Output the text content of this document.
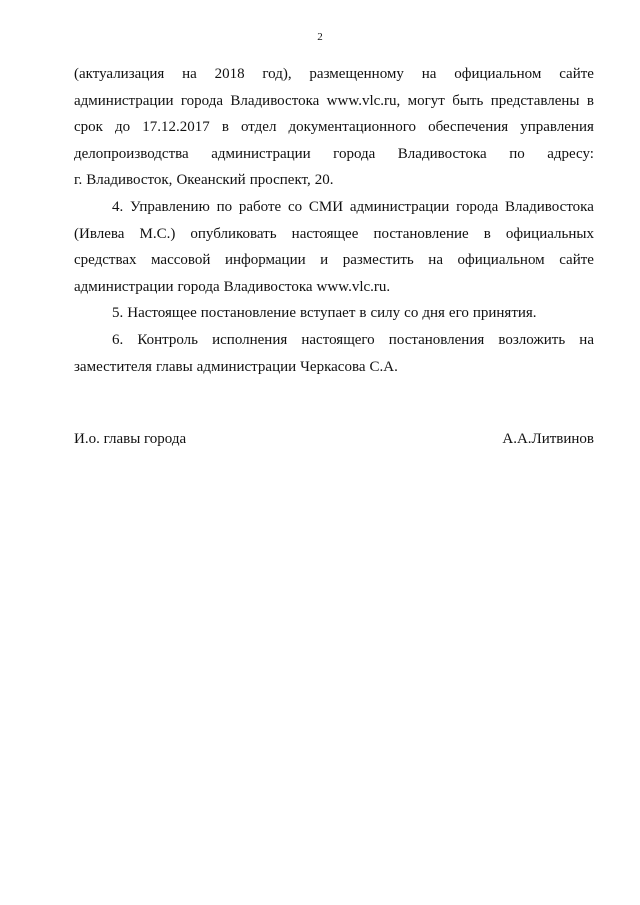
2
(актуализация на 2018 год), размещенному на официальном сайте
администрации города Владивостока www.vlc.ru, могут быть представлены в
срок до 17.12.2017 в отдел документационного обеспечения управления
делопроизводства администрации города Владивостока по адресу:
г. Владивосток, Океанский проспект, 20.
4. Управлению по работе со СМИ администрации города Владивостока
(Ивлева М.С.) опубликовать настоящее постановление в официальных
средствах массовой информации и разместить на официальном сайте
администрации города Владивостока www.vlc.ru.
5. Настоящее постановление вступает в силу со дня его принятия.
6. Контроль исполнения настоящего постановления возложить на
заместителя главы администрации Черкасова С.А.
И.о. главы города	А.А.Литвинов
